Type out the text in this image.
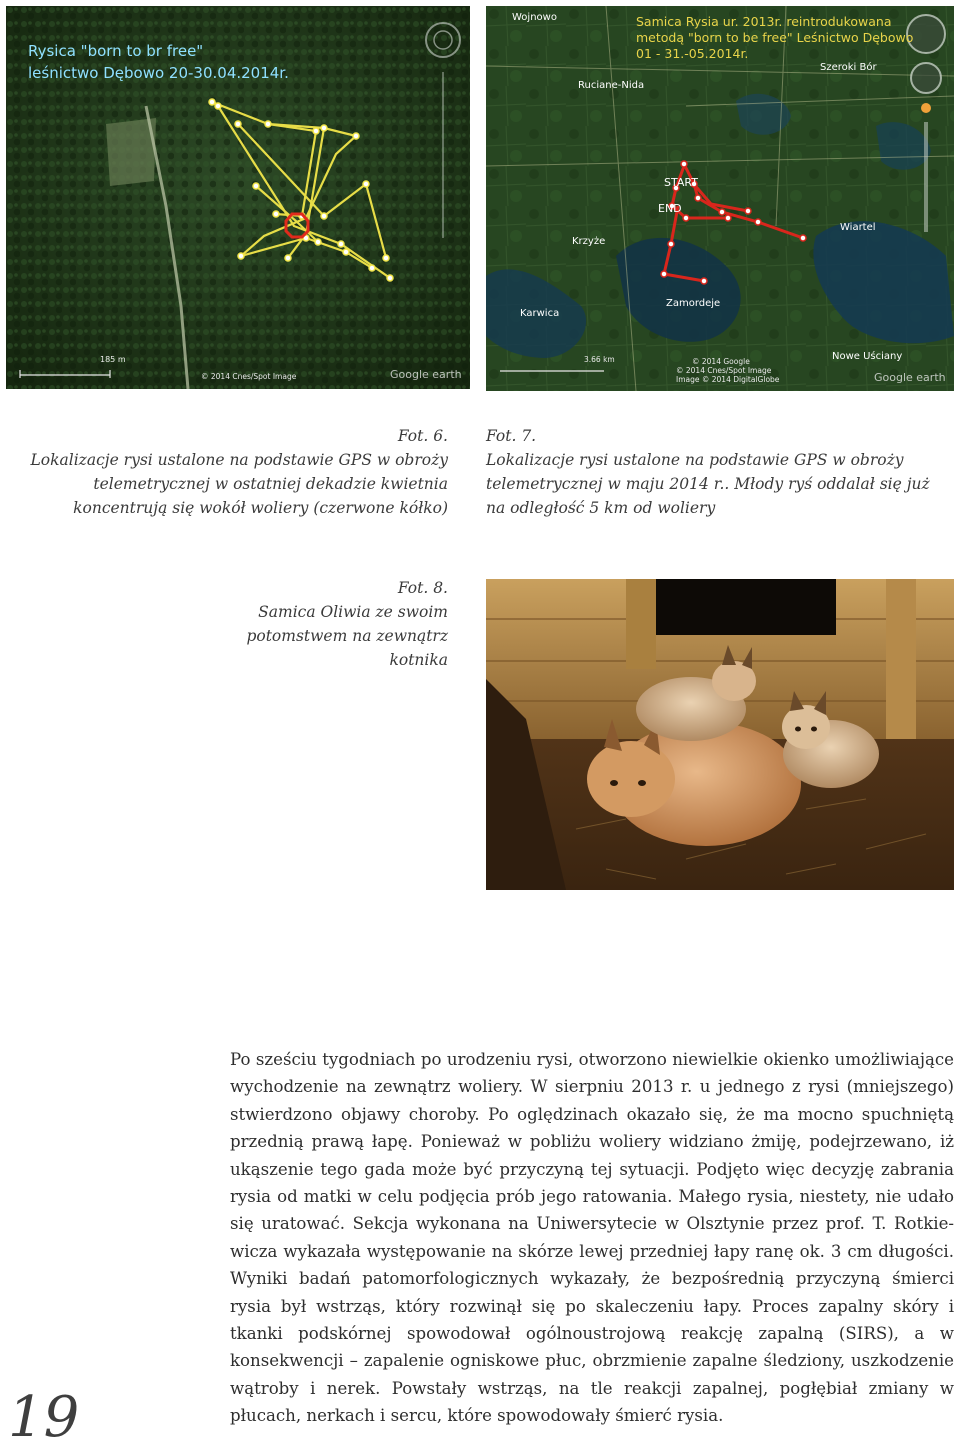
185 m
© 2014 Cnes/Spot Image	Google earth
Rysica "born to br free"
leśnictwo Dębowo 20-30.04.2014r.
Wojnowo
Ruciane-Nida
Szeroki Bór
START
END
Wiartel
Krzyże
Zamordeje
Karwica
Nowe Uściany
3.66 km	© 2014 Google
© 2014 Cnes/Spot Image
Image © 2014 DigitalGlobe	Google earth
Samica Rysia ur. 2013r. reintrodukowana
metodą "born to be free" Leśnictwo Dębowo
01 - 31.-05.2014r.
Fot. 6.
Lokalizacje rysi ustalone na podstawie GPS w obroży
telemetrycznej w ostatniej dekadzie kwietnia
koncentrują się wokół woliery (czerwone kółko)
Fot. 7.
Lokalizacje rysi ustalone na podstawie GPS w obroży
telemetrycznej w maju 2014 r.. Młody ryś oddalał się już
na odległość 5 km od woliery
Fot. 8.
Samica Oliwia ze swoim
potomstwem na zewnątrz
kotnika

Po sześciu tygodniach po urodzeniu rysi, otworzono niewielkie okienko umożliwiające wychodzenie na zewnątrz woliery. W sierpniu 2013 r. u jednego z rysi (mniejszego) stwierdzono objawy choroby. Po oględzinach okazało się, że ma mocno spuchniętą przednią prawą łapę. Ponieważ w pobliżu woliery widziano żmiję, podejrzewano, iż ukąszenie tego gada może być przyczyną tej sytuacji. Podjęto więc decyzję zabrania rysia od matki w celu podjęcia prób jego ratowania. Małego rysia, niestety, nie udało się uratować. Sekcja wykonana na Uniwersytecie w Olsztynie przez prof. T. Rotkiewicza wykazała występowanie na skórze lewej przedniej łapy ranę ok. 3 cm długości. Wyniki badań patomorfologicznych wykazały, że bezpośrednią przyczyną śmierci rysia był wstrząs, który rozwinął się po skaleczeniu łapy. Proces zapalny skóry i tkanki podskórnej spowodował ogólnoustrojową reakcję zapalną (SIRS), a w konsekwencji – zapalenie ogniskowe płuc, obrzmienie zapalne śledziony, uszkodzenie wątroby i nerek. Powstały wstrząs, na tle reakcji zapalnej, pogłębiał zmiany w płucach, nerkach i sercu, które spowodowały śmierć rysia.

19
